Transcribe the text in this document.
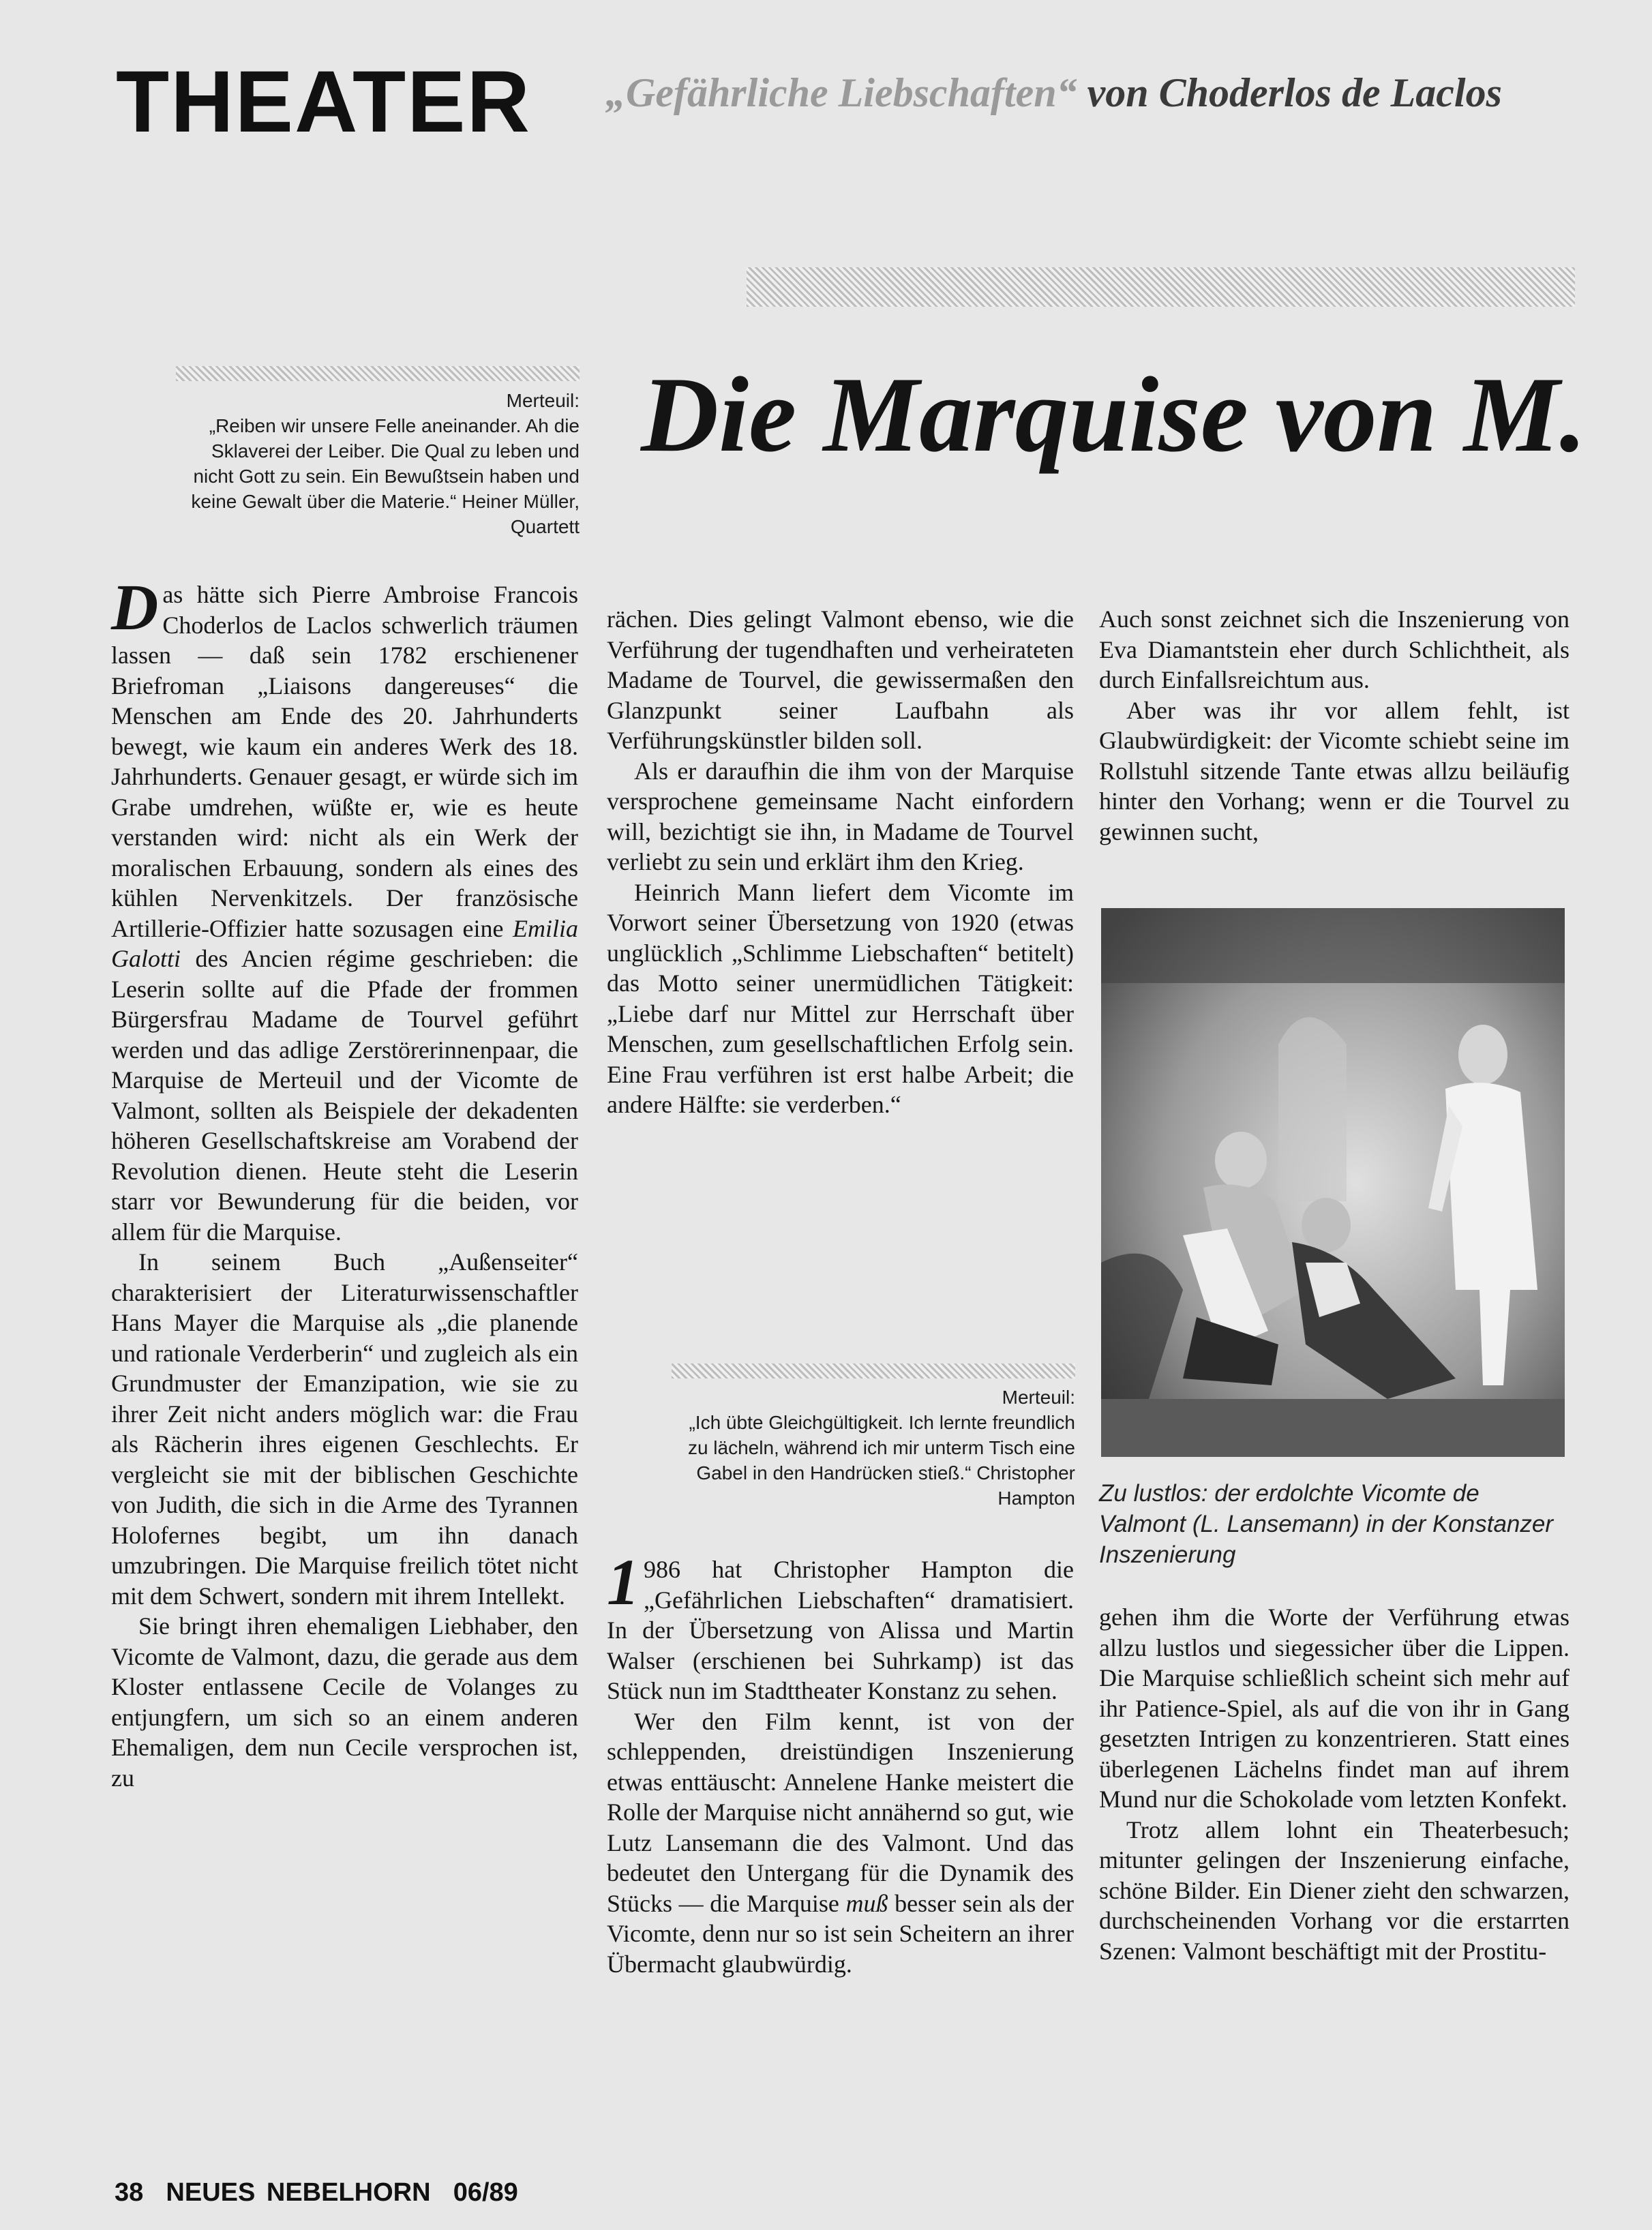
THEATER „Gefährliche Liebschaften“ von Choderlos de Laclos
Die Marquise von M.
Merteuil:
„Reiben wir unsere Felle aneinander. Ah die Sklaverei der Leiber. Die Qual zu leben und nicht Gott zu sein. Ein Bewußtsein haben und keine Gewalt über die Materie.“ Heiner Müller, Quartett

Das hätte sich Pierre Ambroise Francois Choderlos de Laclos schwerlich träumen lassen — daß sein 1782 erschienener Briefroman „Liaisons dangereuses“ die Menschen am Ende des 20. Jahrhunderts bewegt, wie kaum ein anderes Werk des 18. Jahrhunderts. Genauer gesagt, er würde sich im Grabe umdrehen, wüßte er, wie es heute verstanden wird: nicht als ein Werk der moralischen Erbauung, sondern als eines des kühlen Nervenkitzels. Der französische Artillerie-Offizier hatte sozusagen eine Emilia Galotti des Ancien régime geschrieben: die Leserin sollte auf die Pfade der frommen Bürgersfrau Madame de Tourvel geführt werden und das adlige Zerstörerinnenpaar, die Marquise de Merteuil und der Vicomte de Valmont, sollten als Beispiele der dekadenten höheren Gesellschaftskreise am Vorabend der Revolution dienen. Heute steht die Leserin starr vor Bewunderung für die beiden, vor allem für die Marquise.

In seinem Buch „Außenseiter“ charakterisiert der Literaturwissenschaftler Hans Mayer die Marquise als „die planende und rationale Verderberin“ und zugleich als ein Grundmuster der Emanzipation, wie sie zu ihrer Zeit nicht anders möglich war: die Frau als Rächerin ihres eigenen Geschlechts. Er vergleicht sie mit der biblischen Geschichte von Judith, die sich in die Arme des Tyrannen Holofernes begibt, um ihn danach umzubringen. Die Marquise freilich tötet nicht mit dem Schwert, sondern mit ihrem Intellekt.

Sie bringt ihren ehemaligen Liebhaber, den Vicomte de Valmont, dazu, die gerade aus dem Kloster entlassene Cecile de Volanges zu entjungfern, um sich so an einem anderen Ehemaligen, dem nun Cecile versprochen ist, zu

rächen. Dies gelingt Valmont ebenso, wie die Verführung der tugendhaften und verheirateten Madame de Tourvel, die gewissermaßen den Glanzpunkt seiner Laufbahn als Verführungskünstler bilden soll.

Als er daraufhin die ihm von der Marquise versprochene gemeinsame Nacht einfordern will, bezichtigt sie ihn, in Madame de Tourvel verliebt zu sein und erklärt ihm den Krieg.

Heinrich Mann liefert dem Vicomte im Vorwort seiner Übersetzung von 1920 (etwas unglücklich „Schlimme Liebschaften“ betitelt) das Motto seiner unermüdlichen Tätigkeit: „Liebe darf nur Mittel zur Herrschaft über Menschen, zum gesellschaftlichen Erfolg sein. Eine Frau verführen ist erst halbe Arbeit; die andere Hälfte: sie verderben.“

Merteuil:
„Ich übte Gleichgültigkeit. Ich lernte freundlich zu lächeln, während ich mir unterm Tisch eine Gabel in den Handrücken stieß.“ Christopher Hampton

1 986 hat Christopher Hampton die „Gefährlichen Liebschaften“ dramatisiert. In der Übersetzung von Alissa und Martin Walser (erschienen bei Suhrkamp) ist das Stück nun im Stadttheater Konstanz zu sehen.

Wer den Film kennt, ist von der schleppenden, dreistündigen Inszenierung etwas enttäuscht: Annelene Hanke meistert die Rolle der Marquise nicht annähernd so gut, wie Lutz Lansemann die des Valmont. Und das bedeutet den Untergang für die Dynamik des Stücks — die Marquise muß besser sein als der Vicomte, denn nur so ist sein Scheitern an ihrer Übermacht glaubwürdig.

Auch sonst zeichnet sich die Inszenierung von Eva Diamantstein eher durch Schlichtheit, als durch Einfallsreichtum aus.

Aber was ihr vor allem fehlt, ist Glaubwürdigkeit: der Vicomte schiebt seine im Rollstuhl sitzende Tante etwas allzu beiläufig hinter den Vorhang; wenn er die Tourvel zu gewinnen sucht,

Zu lustlos: der erdolchte Vicomte de Valmont (L. Lansemann) in der Konstanzer Inszenierung

gehen ihm die Worte der Verführung etwas allzu lustlos und siegessicher über die Lippen. Die Marquise schließlich scheint sich mehr auf ihr Patience-Spiel, als auf die von ihr in Gang gesetzten Intrigen zu konzentrieren. Statt eines überlegenen Lächelns findet man auf ihrem Mund nur die Schokolade vom letzten Konfekt.

Trotz allem lohnt ein Theaterbesuch; mitunter gelingen der Inszenierung einfache, schöne Bilder. Ein Diener zieht den schwarzen, durchscheinenden Vorhang vor die erstarrten Szenen: Valmont beschäftigt mit der Prostitu-

38 NEUES NEBELHORN 06/89
